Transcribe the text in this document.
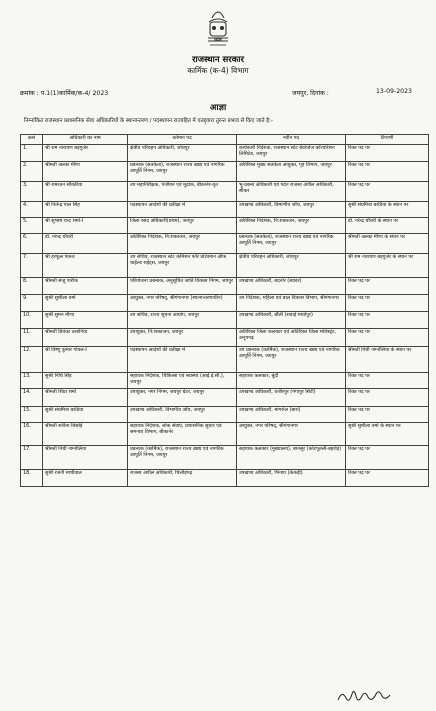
राजस्थान सरकार
कार्मिक (क-4) विभाग
क्रमांक : प.1(1)कार्मिक/क-4/ 2023	जयपुर, दिनांक :	13-09-2023
आज्ञा
निम्नांकित राजस्थान प्रशासनिक सेवा अधिकारियों के स्थानान्तरण / पदस्थापन राज्यहित में एतद्द्वारा तुरन्त प्रभाव से किए जाते है:-
क्रसं	अधिकारी का नाम	वर्तमान पद	नवीन पद	टिप्पणी
1.	श्री राम नारायण बड़गुर्जर	क्षेत्रीय परिवहन अधिकारी, जोधपुर	कार्यकारी निदेशक, राजस्थान स्टेट बेवरेजेज कॉरपोरेशन लिमिटेड, जयपुर	रिक्त पद पर
2.	श्रीमती अल्का मीणा	प्रबन्धक (सतर्कता), राजस्थान राज्य खाद्य एवं नागरिक आपूर्ति निगम, जयपुर	अतिरिक्त मुख्य सतर्कता आयुक्त, गृह विभाग, जयपुर	रिक्त पद पर
3.	श्री रामरतन सौंकरिया	उप महानिरीक्षक, पंजीयन एवं मुद्रांक, बीकानेर-वृत	भू-प्रबन्ध अधिकारी एवं पदेन राजस्व अपील अधिकारी, सीकर	रिक्त पद पर
4.	श्री नितेन्द्र पाल सिंह	पदस्थापन आदेशों की प्रतीक्षा में	उपखण्ड अधिकारी, विमाणीय जाँच, जयपुर	सुश्री संघमित्रा बरडिया के स्थान पर
5.	श्री सुभाष चन्द शर्मा-I	जिला रसद अधिकारी(प्रथम), जयपुर	अतिरिक्त निदेशक, नि:शक्तजन, जयपुर	डॉ. नरेन्द्र चौधरी के स्थान पर
6.	डॉ. नरेन्द्र चौधरी	अतिरिक्त निदेशक, नि:शक्तजन, जयपुर	प्रबन्धक (सतर्कता), राजस्थान राज्य खाद्य एवं नागरिक आपूर्ति निगम, जयपुर	श्रीमती अल्का मीणा के स्थान पर
7.	श्री हरफूल पंकज	उप सचिव, राजस्थान स्टेट कमिशन फॉर प्रोटेक्शन ऑफ चाईल्ड राईट्स, जयपुर	क्षेत्रीय परिवहन अधिकारी, जोधपुर	श्री राम नारायण बड़गुर्जर के स्थान पर
8.	श्रीमती संजू पारीक	परियोजना प्रबन्धक, अनुसूचित जाति विकास निगम, जयपुर	उपखण्ड अधिकारी, बदनोर (ब्यावर)	रिक्त पद पर
9.	सुश्री सुशीला वर्मा	आयुक्त, नगर परिषद्, श्रीगंगानगर (स्थानान्तरणाधीन)	उप निदेशक, महिला एवं बाल विकास विभाग, श्रीगंगानगर	रिक्त पद पर
10.	सुश्री सुमन मीणा	उप सचिव, राज्य सूचना आयोग, जयपुर	उपखण्ड अधिकारी, बौंली (सवाई माधोपुर)	रिक्त पद पर
11.	श्रीमती प्रियंका तलानिया	उपायुक्त, नि:शक्तजन, जयपुर	अतिरिक्त जिला कलक्टर एवं अतिरिक्त जिला मजिस्ट्रेट, अनूपगढ़	रिक्त पद पर
12.	श्री विष्णु कुमार गोयल-I	पदस्थापन आदेशों की प्रतीक्षा में	उप प्रबन्धक (कार्मिक), राजस्थान राज्य खाद्य एवं नागरिक आपूर्ति निगम, जयपुर	श्रीमती निधी नाग्नोलिया के स्थान पर
13.	सुश्री निधि सिंह	सहायक निदेशक, चिकित्सा एवं स्वास्थ्य (आई.ई.सी.), जयपुर	सहायक कलक्टर, बूंदी	रिक्त पद पर
14.	श्रीमती शिप्रा शर्मा	उपायुक्त, नगर निगम, जयपुर ग्रेटर, जयपुर	उपखण्ड अधिकारी, वजीरपुर (गंगापुर सिटी)	रिक्त पद पर
15.	सुश्री संघमित्रा बरडिया	उपखण्ड अधिकारी, विभागीय जाँच, जयपुर	उपखण्ड अधिकारी, मांगरोल (बारां)	रिक्त पद पर
16.	श्रीमती सविना बिश्नोई	सहायक निदेशक, लोक सेवाएं, प्रशासनिक सुधार एवं समन्वय विभाग, बीकानेर	आयुक्त, नगर परिषद्, श्रीगंगानगर	सुश्री सुशीला वर्मा के स्थान पर
17.	श्रीमती निधी नाग्नोलिया	प्रबन्धक (कार्मिक), राजस्थान राज्य खाद्य एवं नागरिक आपूर्ति निगम, जयपुर	सहायक कलक्टर (मुख्यालय), बानसूर (कोटपूतली-बहरोड़)	रिक्त पद पर
18.	सुश्री रजनी माथीवाल	राजस्व अपील अधिकारी, चित्तौड़गढ़	उपखण्ड अधिकारी, भिनाय (केकड़ी)	रिक्त पद पर
